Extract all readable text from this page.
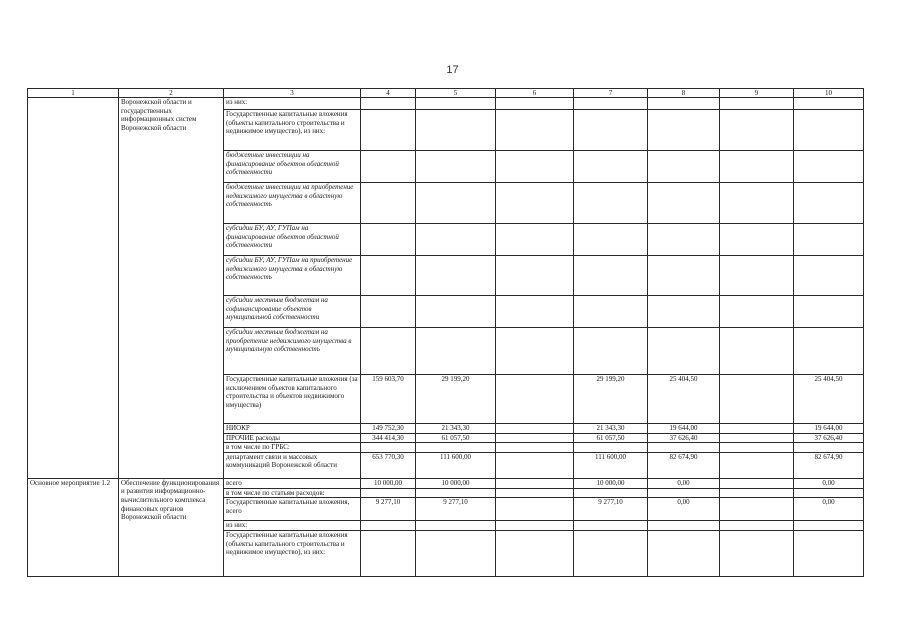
17
1	2	3	4	5	6	7	8	9	10
	Воронежской области и государственных информационных систем Воронежской области	из них:							
		Государственные капитальные вложения (объекты капитального строительства и недвижимое имущество), из них:							
		бюджетные инвестиции на финансирование объектов областной собственности							
		бюджетные инвестиции на приобретение недвижимого имущества в областную собственность							
		субсидии БУ, АУ, ГУПам на финансирование объектов областной собственности							
		субсидии БУ, АУ, ГУПам на приобретение недвижимого имущества в областную собственность							
		субсидии местным бюджетам на софинансирование объектов муниципальной собственности							
		субсидии местным бюджетам на приобретение недвижимого имущества в муниципальную собственность							
		Государственные капитальные вложения (за исключением объектов капитального строительства и объектов недвижимого имущества)	159 603,70	29 199,20		29 199,20	25 404,50		25 404,50
		НИОКР	149 752,30	21 343,30		21 343,30	19 644,00		19 644,00
		ПРОЧИЕ расходы	344 414,30	61 057,50		61 057,50	37 626,40		37 626,40
		в том числе по ГРБС:							
		департамент связи и массовых коммуникаций Воронежской области	653 770,30	111 600,00		111 600,00	82 674,90		82 674,90
Основное мероприятие 1.2	Обеспечение функционирования и развития информационно-вычислительного комплекса финансовых органов Воронежской области	всего	10 000,00	10 000,00		10 000,00	0,00		0,00
		в том числе по статьям расходов:							
		Государственные капитальные вложения, всего	9 277,10	9 277,10		9 277,10	0,00		0,00
		из них:							
		Государственные капитальные вложения (объекты капитального строительства и недвижимое имущество), из них:							
